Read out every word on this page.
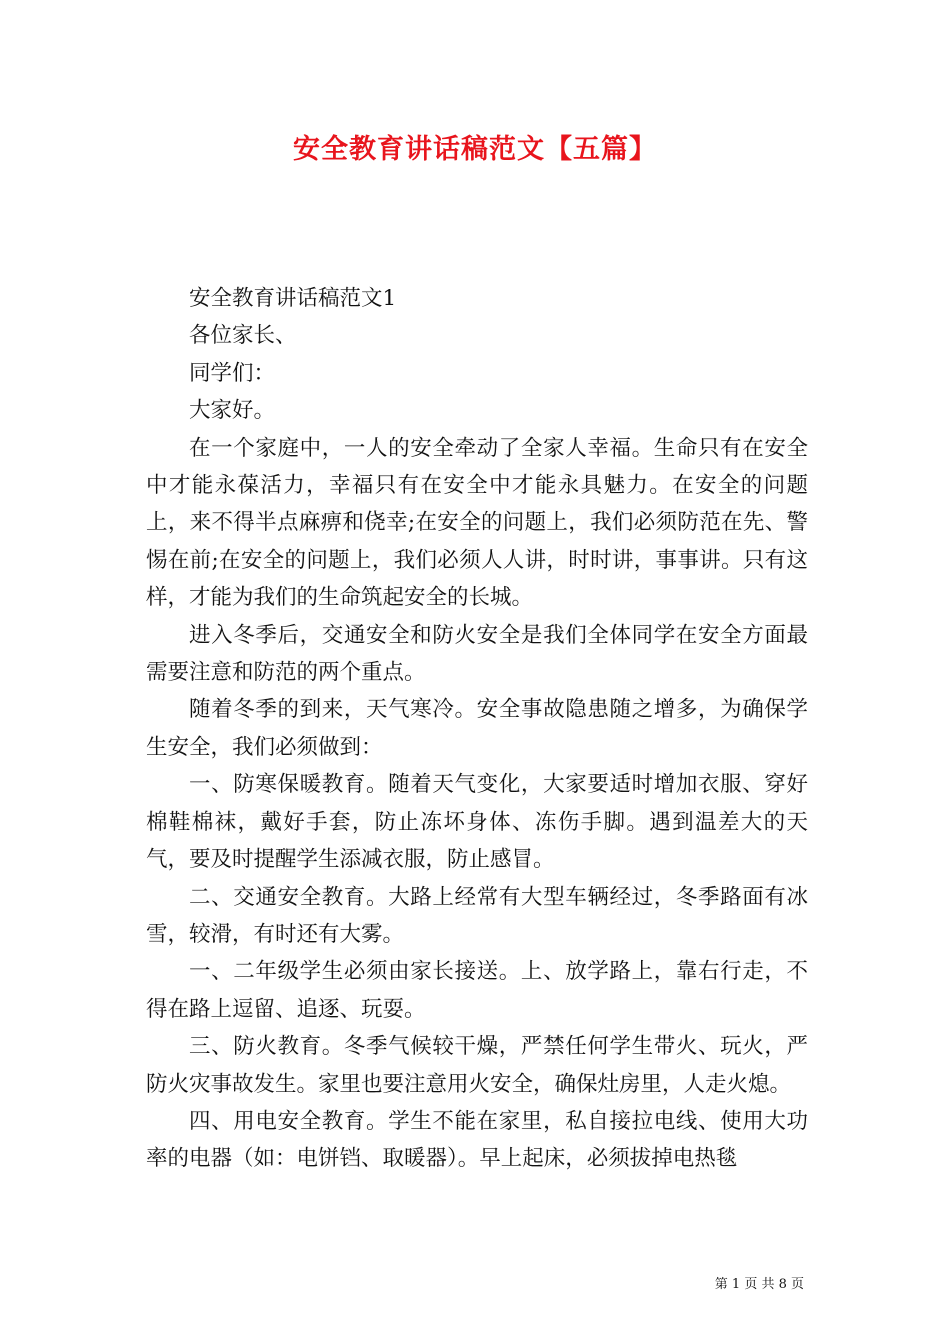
安全教育讲话稿范文【五篇】

安全教育讲话稿范文1

各位家长、

同学们：

大家好。

在一个家庭中，一人的安全牵动了全家人幸福。生命只有在安全中才能永葆活力，幸福只有在安全中才能永具魅力。在安全的问题上，来不得半点麻痹和侥幸;在安全的问题上，我们必须防范在先、警惕在前;在安全的问题上，我们必须人人讲，时时讲，事事讲。只有这样，才能为我们的生命筑起安全的长城。

进入冬季后，交通安全和防火安全是我们全体同学在安全方面最需要注意和防范的两个重点。

随着冬季的到来，天气寒冷。安全事故隐患随之增多，为确保学生安全，我们必须做到：

一、防寒保暖教育。随着天气变化，大家要适时增加衣服、穿好棉鞋棉袜，戴好手套，防止冻坏身体、冻伤手脚。遇到温差大的天气，要及时提醒学生添减衣服，防止感冒。

二、交通安全教育。大路上经常有大型车辆经过，冬季路面有冰雪，较滑，有时还有大雾。

一、二年级学生必须由家长接送。上、放学路上，靠右行走，不得在路上逗留、追逐、玩耍。

三、防火教育。冬季气候较干燥，严禁任何学生带火、玩火，严防火灾事故发生。家里也要注意用火安全，确保灶房里，人走火熄。

四、用电安全教育。学生不能在家里，私自接拉电线、使用大功率的电器（如：电饼铛、取暖器）。早上起床，必须拔掉电热毯

第 1 页 共 8 页
